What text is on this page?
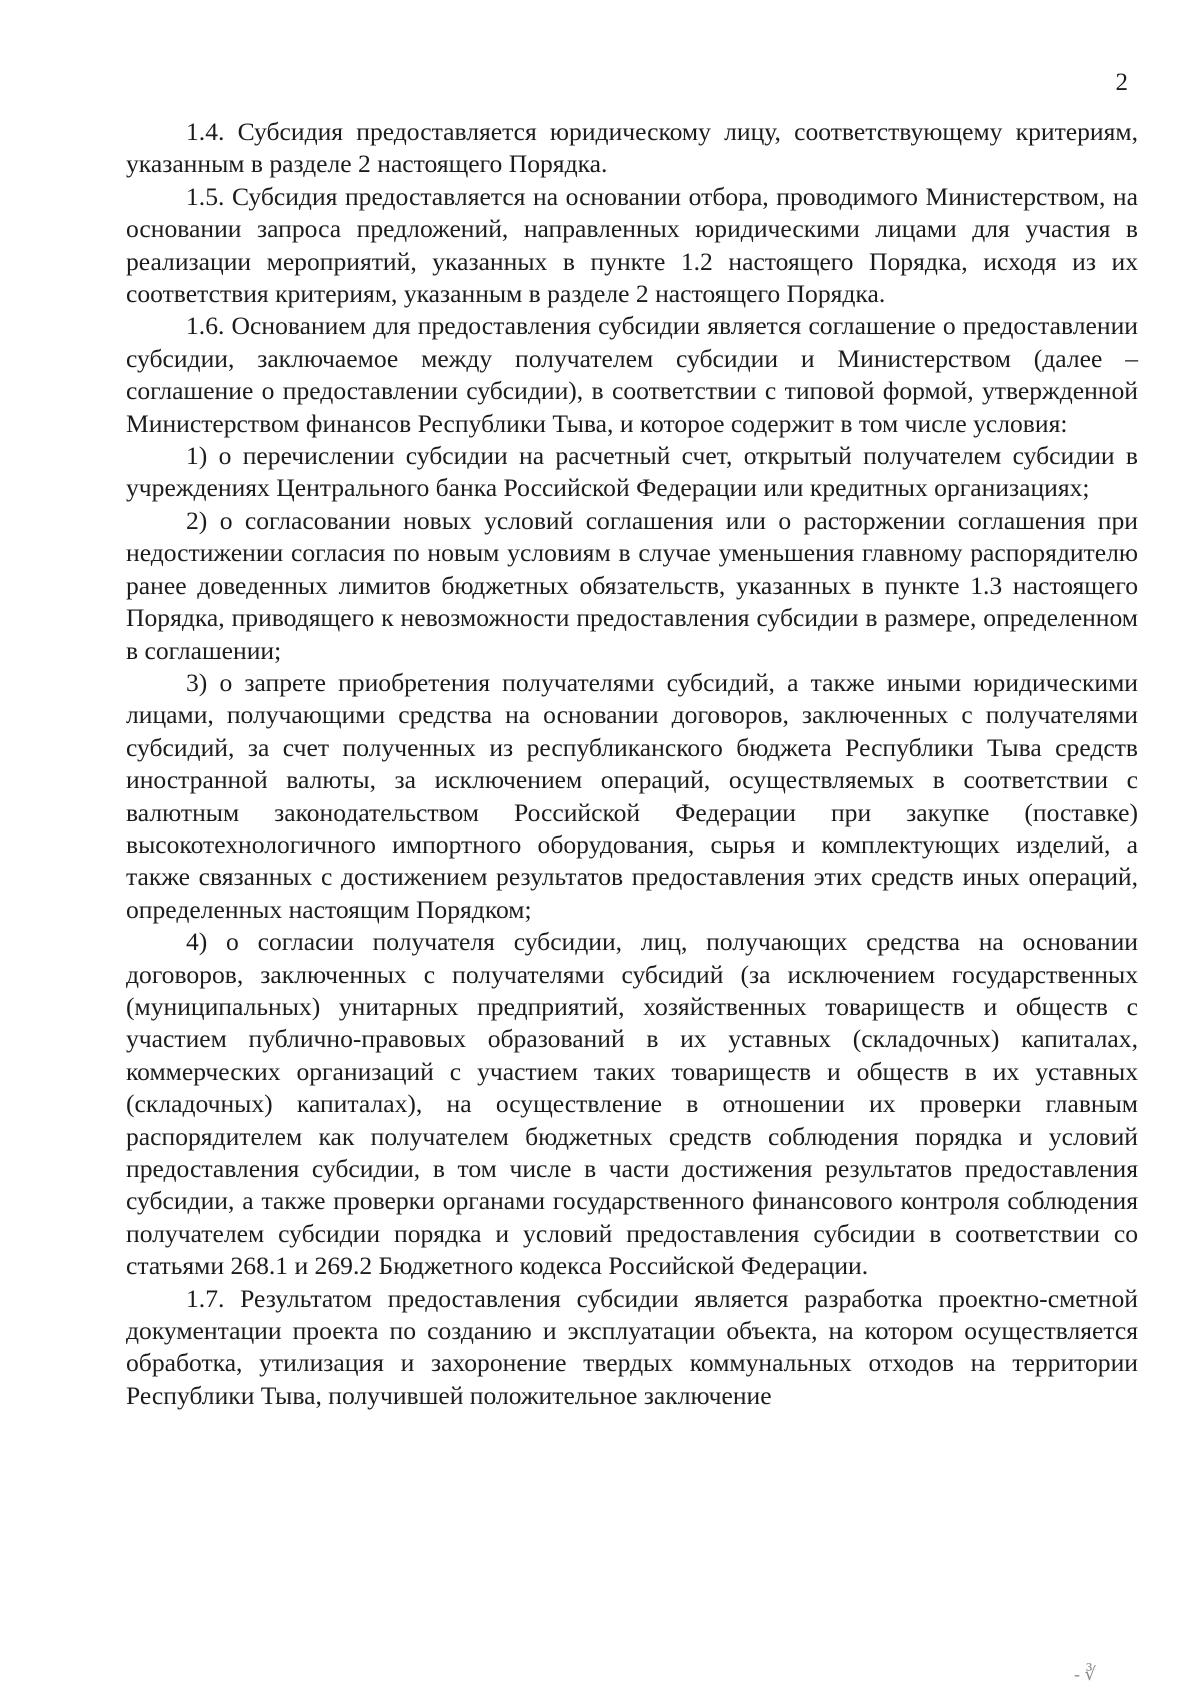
2

1.4. Субсидия предоставляется юридическому лицу, соответствующему критериям, указанным в разделе 2 настоящего Порядка.

1.5. Субсидия предоставляется на основании отбора, проводимого Министерством, на основании запроса предложений, направленных юридическими лицами для участия в реализации мероприятий, указанных в пункте 1.2 настоящего Порядка, исходя из их соответствия критериям, указанным в разделе 2 настоящего Порядка.

1.6. Основанием для предоставления субсидии является соглашение о предоставлении субсидии, заключаемое между получателем субсидии и Министерством (далее – соглашение о предоставлении субсидии), в соответствии с типовой формой, утвержденной Министерством финансов Республики Тыва, и которое содержит в том числе условия:

1) о перечислении субсидии на расчетный счет, открытый получателем субсидии в учреждениях Центрального банка Российской Федерации или кредитных организациях;

2) о согласовании новых условий соглашения или о расторжении соглашения при недостижении согласия по новым условиям в случае уменьшения главному распорядителю ранее доведенных лимитов бюджетных обязательств, указанных в пункте 1.3 настоящего Порядка, приводящего к невозможности предоставления субсидии в размере, определенном в соглашении;

3) о запрете приобретения получателями субсидий, а также иными юридическими лицами, получающими средства на основании договоров, заключенных с получателями субсидий, за счет полученных из республиканского бюджета Республики Тыва средств иностранной валюты, за исключением операций, осуществляемых в соответствии с валютным законодательством Российской Федерации при закупке (поставке) высокотехнологичного импортного оборудования, сырья и комплектующих изделий, а также связанных с достижением результатов предоставления этих средств иных операций, определенных настоящим Порядком;

4) о согласии получателя субсидии, лиц, получающих средства на основании договоров, заключенных с получателями субсидий (за исключением государственных (муниципальных) унитарных предприятий, хозяйственных товариществ и обществ с участием публично-правовых образований в их уставных (складочных) капиталах, коммерческих организаций с участием таких товариществ и обществ в их уставных (складочных) капиталах), на осуществление в отношении их проверки главным распорядителем как получателем бюджетных средств соблюдения порядка и условий предоставления субсидии, в том числе в части достижения результатов предоставления субсидии, а также проверки органами государственного финансового контроля соблюдения получателем субсидии порядка и условий предоставления субсидии в соответствии со статьями 268.1 и 269.2 Бюджетного кодекса Российской Федерации.

1.7. Результатом предоставления субсидии является разработка проектно-сметной документации проекта по созданию и эксплуатации объекта, на котором осуществляется обработка, утилизация и захоронение твердых коммунальных отходов на территории Республики Тыва, получившей положительное заключение

- ∛
